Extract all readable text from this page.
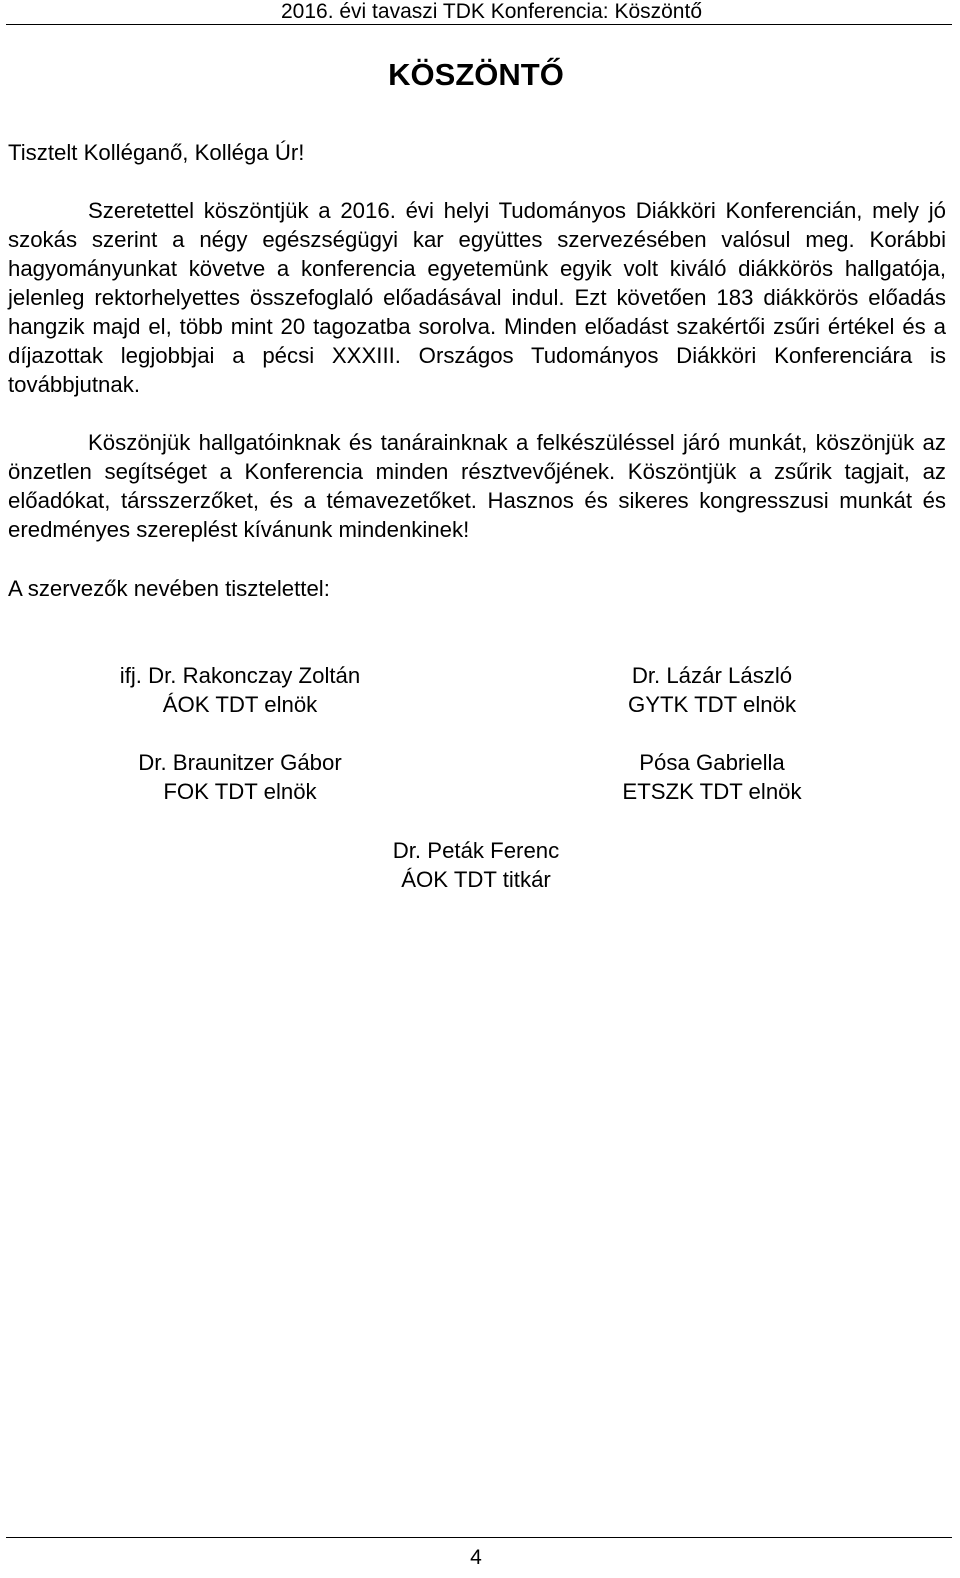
2016. évi tavaszi TDK Konferencia: Köszöntő
KÖSZÖNTŐ
Tisztelt Kolléganő, Kolléga Úr!
Szeretettel köszöntjük a 2016. évi helyi Tudományos Diákköri Konferencián, mely jó szokás szerint a négy egészségügyi kar együttes szervezésében valósul meg. Korábbi hagyományunkat követve a konferencia egyetemünk egyik volt kiváló diákkörös hallgatója, jelenleg rektorhelyettes összefoglaló előadásával indul. Ezt követően 183 diákkörös előadás hangzik majd el, több mint 20 tagozatba sorolva. Minden előadást szakértői zsűri értékel és a díjazottak legjobbjai a pécsi XXXIII. Országos Tudományos Diákköri Konferenciára is továbbjutnak.
Köszönjük hallgatóinknak és tanárainknak a felkészüléssel járó munkát, köszönjük az önzetlen segítséget a Konferencia minden résztvevőjének. Köszöntjük a zsűrik tagjait, az előadókat, társszerzőket, és a témavezetőket. Hasznos és sikeres kongresszusi munkát és eredményes szereplést kívánunk mindenkinek!
A szervezők nevében tisztelettel:
ifj. Dr. Rakonczay Zoltán
ÁOK TDT elnök
Dr. Lázár László
GYTK TDT elnök
Dr. Braunitzer Gábor
FOK TDT elnök
Pósa Gabriella
ETSZK TDT elnök
Dr. Peták Ferenc
ÁOK TDT titkár
4
